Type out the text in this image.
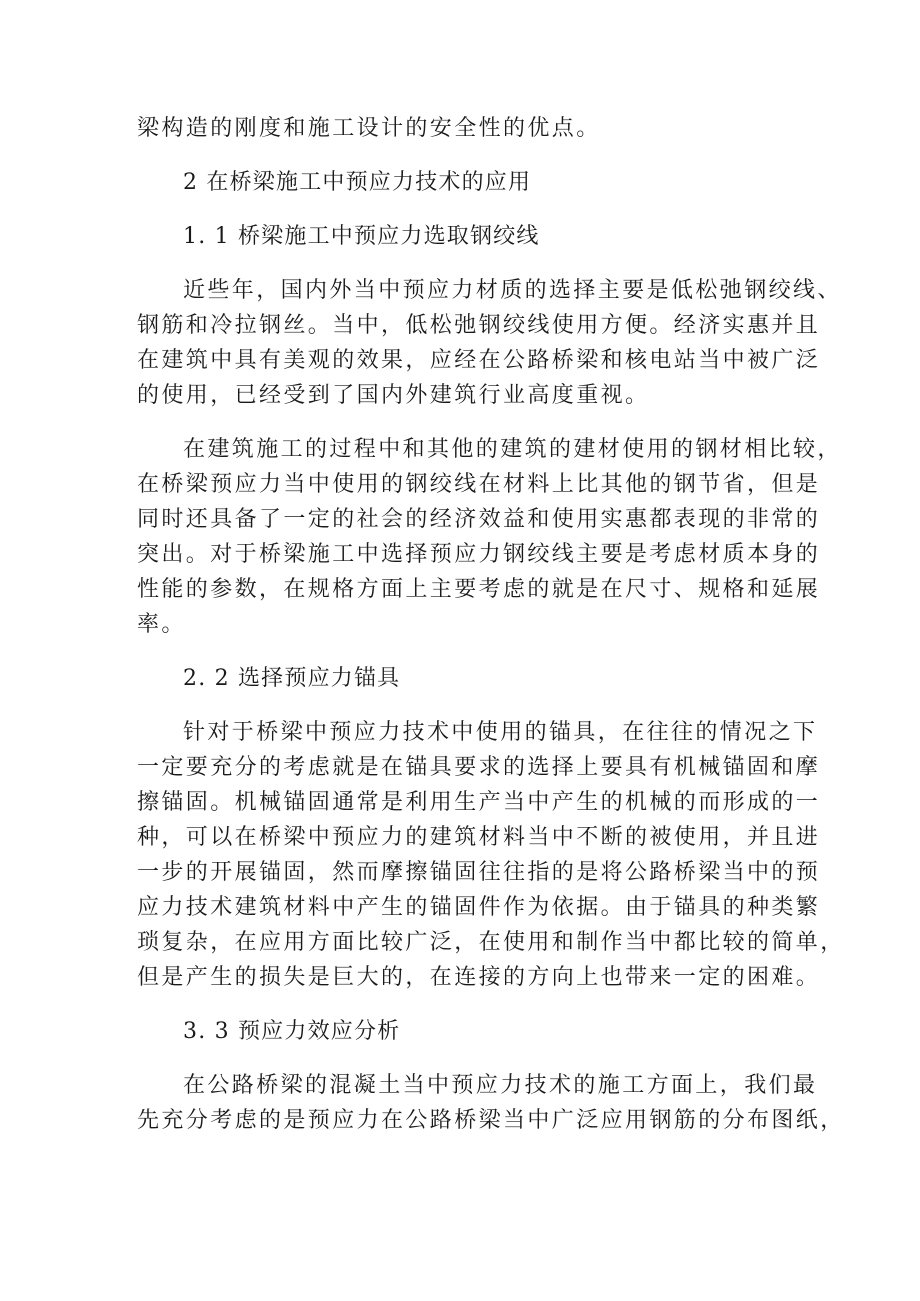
梁构造的刚度和施工设计的安全性的优点。

2 在桥梁施工中预应力技术的应用

1. 1 桥梁施工中预应力选取钢绞线

近些年，国内外当中预应力材质的选择主要是低松弛钢绞线、

钢筋和冷拉钢丝。当中，低松弛钢绞线使用方便。经济实惠并且

在建筑中具有美观的效果，应经在公路桥梁和核电站当中被广泛

的使用，已经受到了国内外建筑行业高度重视。

在建筑施工的过程中和其他的建筑的建材使用的钢材相比较，

在桥梁预应力当中使用的钢绞线在材料上比其他的钢节省，但是

同时还具备了一定的社会的经济效益和使用实惠都表现的非常的

突出。对于桥梁施工中选择预应力钢绞线主要是考虑材质本身的

性能的参数，在规格方面上主要考虑的就是在尺寸、规格和延展

率。

2. 2 选择预应力锚具

针对于桥梁中预应力技术中使用的锚具，在往往的情况之下

一定要充分的考虑就是在锚具要求的选择上要具有机械锚固和摩

擦锚固。机械锚固通常是利用生产当中产生的机械的而形成的一

种，可以在桥梁中预应力的建筑材料当中不断的被使用，并且进

一步的开展锚固，然而摩擦锚固往往指的是将公路桥梁当中的预

应力技术建筑材料中产生的锚固件作为依据。由于锚具的种类繁

琐复杂，在应用方面比较广泛，在使用和制作当中都比较的简单，

但是产生的损失是巨大的，在连接的方向上也带来一定的困难。

3. 3 预应力效应分析

在公路桥梁的混凝土当中预应力技术的施工方面上，我们最

先充分考虑的是预应力在公路桥梁当中广泛应用钢筋的分布图纸，
